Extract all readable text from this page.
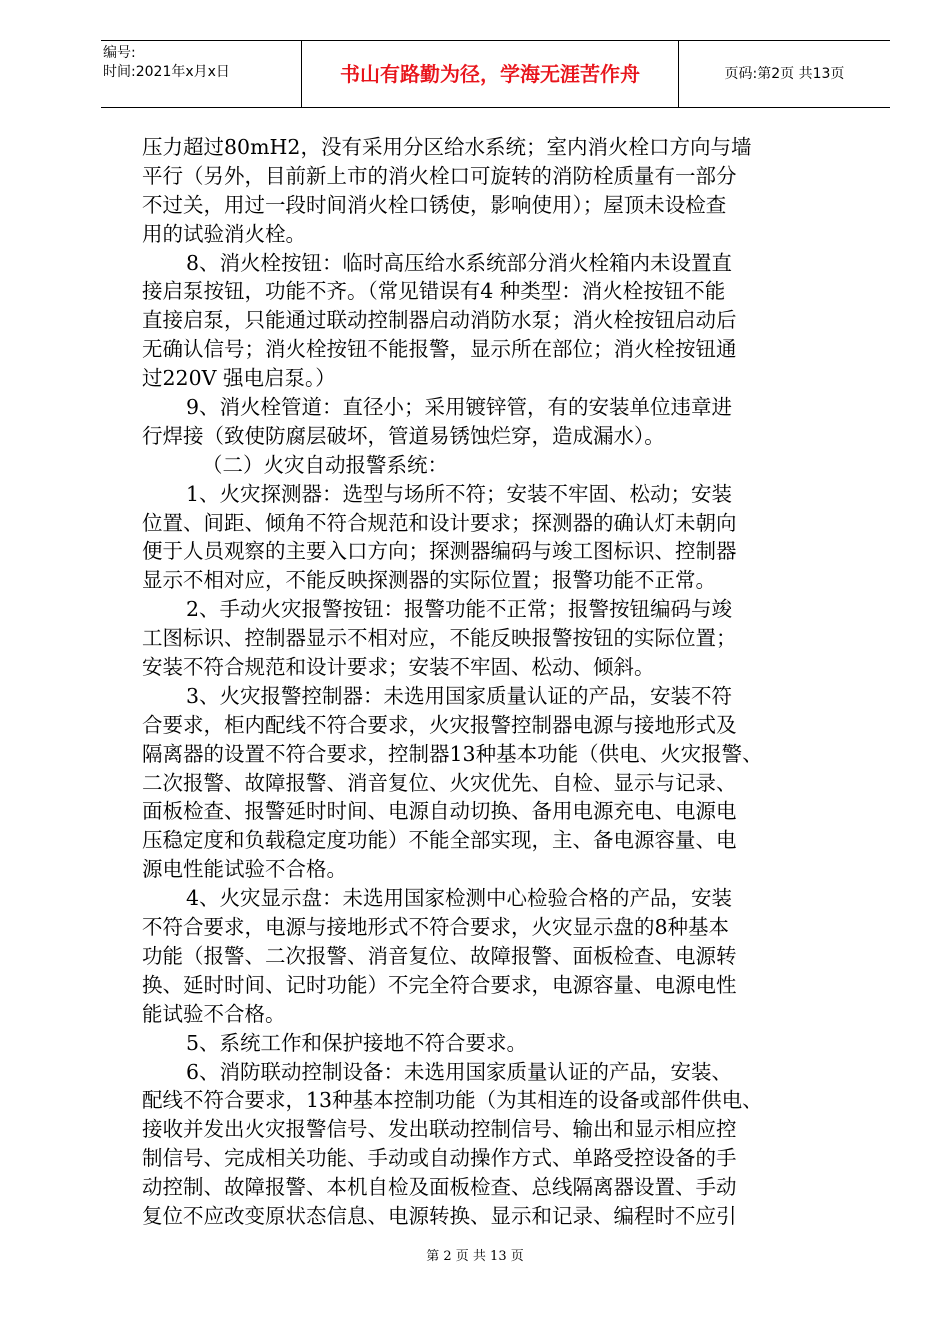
编号:
时间:2021年x月x日	书山有路勤为径，学海无涯苦作舟	页码:第2页 共13页
压力超过80mH2，没有采用分区给水系统；室内消火栓口方向与墙
平行（另外，目前新上市的消火栓口可旋转的消防栓质量有一部分
不过关，用过一段时间消火栓口锈使，影响使用）；屋顶未设检查
用的试验消火栓。
8、消火栓按钮：临时高压给水系统部分消火栓箱内未设置直
接启泵按钮，功能不齐。（常见错误有4 种类型：消火栓按钮不能
直接启泵，只能通过联动控制器启动消防水泵；消火栓按钮启动后
无确认信号；消火栓按钮不能报警，显示所在部位；消火栓按钮通
过220V 强电启泵。）
9、消火栓管道：直径小；采用镀锌管，有的安装单位违章进
行焊接（致使防腐层破坏，管道易锈蚀烂穿，造成漏水）。
（二）火灾自动报警系统：
1、火灾探测器：选型与场所不符；安装不牢固、松动；安装
位置、间距、倾角不符合规范和设计要求；探测器的确认灯未朝向
便于人员观察的主要入口方向；探测器编码与竣工图标识、控制器
显示不相对应，不能反映探测器的实际位置；报警功能不正常。
2、手动火灾报警按钮：报警功能不正常；报警按钮编码与竣
工图标识、控制器显示不相对应，不能反映报警按钮的实际位置；
安装不符合规范和设计要求；安装不牢固、松动、倾斜。
3、火灾报警控制器：未选用国家质量认证的产品，安装不符
合要求，柜内配线不符合要求，火灾报警控制器电源与接地形式及
隔离器的设置不符合要求，控制器13种基本功能（供电、火灾报警、
二次报警、故障报警、消音复位、火灾优先、自检、显示与记录、
面板检查、报警延时时间、电源自动切换、备用电源充电、电源电
压稳定度和负载稳定度功能）不能全部实现，主、备电源容量、电
源电性能试验不合格。
4、火灾显示盘：未选用国家检测中心检验合格的产品，安装
不符合要求，电源与接地形式不符合要求，火灾显示盘的8种基本
功能（报警、二次报警、消音复位、故障报警、面板检查、电源转
换、延时时间、记时功能）不完全符合要求，电源容量、电源电性
能试验不合格。
5、系统工作和保护接地不符合要求。
6、消防联动控制设备：未选用国家质量认证的产品，安装、
配线不符合要求，13种基本控制功能（为其相连的设备或部件供电、
接收并发出火灾报警信号、发出联动控制信号、输出和显示相应控
制信号、完成相关功能、手动或自动操作方式、单路受控设备的手
动控制、故障报警、本机自检及面板检查、总线隔离器设置、手动
复位不应改变原状态信息、电源转换、显示和记录、编程时不应引
第 2 页 共 13 页
